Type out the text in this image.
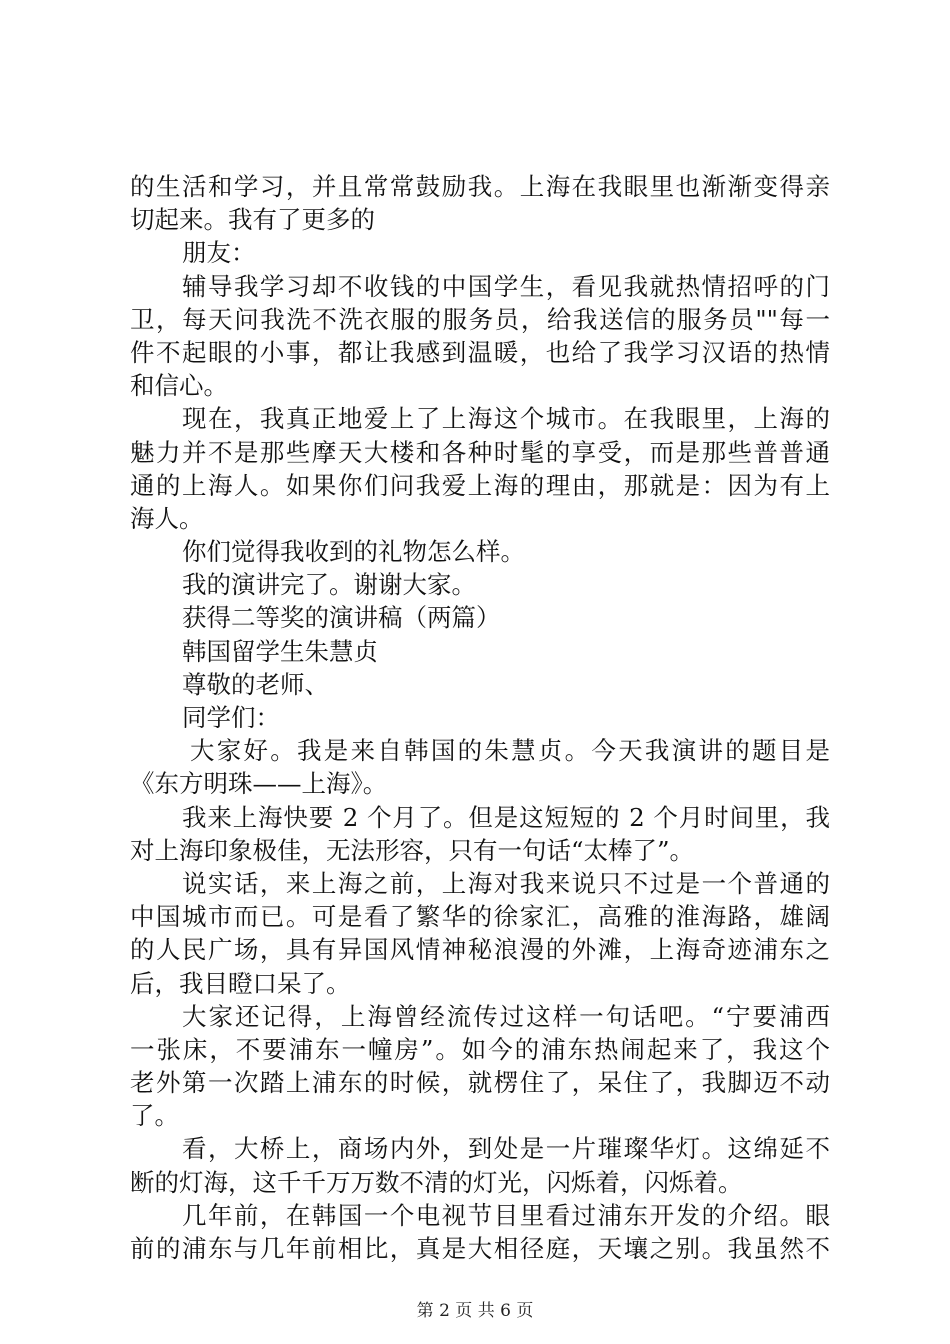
的生活和学习，并且常常鼓励我。上海在我眼里也渐渐变得亲
切起来。我有了更多的
朋友：
辅导我学习却不收钱的中国学生，看见我就热情招呼的门
卫，每天问我洗不洗衣服的服务员，给我送信的服务员""每一
件不起眼的小事，都让我感到温暖，也给了我学习汉语的热情
和信心。
现在，我真正地爱上了上海这个城市。在我眼里，上海的
魅力并不是那些摩天大楼和各种时髦的享受，而是那些普普通
通的上海人。如果你们问我爱上海的理由，那就是：因为有上
海人。
你们觉得我收到的礼物怎么样。
我的演讲完了。谢谢大家。
获得二等奖的演讲稿（两篇）
韩国留学生朱慧贞
尊敬的老师、
同学们：
大家好。我是来自韩国的朱慧贞。今天我演讲的题目是
《东方明珠——上海》。
我来上海快要 2 个月了。但是这短短的 2 个月时间里，我
对上海印象极佳，无法形容，只有一句话“太棒了”。
说实话，来上海之前，上海对我来说只不过是一个普通的
中国城市而已。可是看了繁华的徐家汇，高雅的淮海路，雄阔
的人民广场，具有异国风情神秘浪漫的外滩，上海奇迹浦东之
后，我目瞪口呆了。
大家还记得，上海曾经流传过这样一句话吧。“宁要浦西
一张床，不要浦东一幢房”。如今的浦东热闹起来了，我这个
老外第一次踏上浦东的时候，就楞住了，呆住了，我脚迈不动
了。
看，大桥上，商场内外，到处是一片璀璨华灯。这绵延不
断的灯海，这千千万万数不清的灯光，闪烁着，闪烁着。
几年前，在韩国一个电视节目里看过浦东开发的介绍。眼
前的浦东与几年前相比，真是大相径庭，天壤之别。我虽然不
第 2 页 共 6 页
